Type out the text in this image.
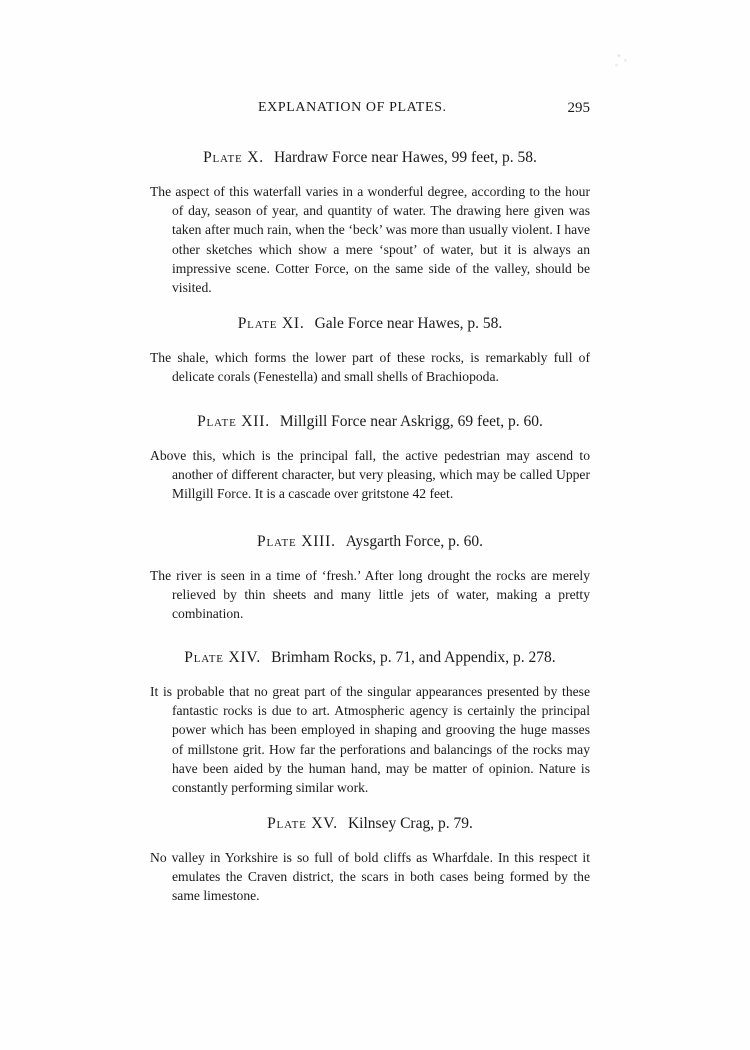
EXPLANATION OF PLATES.	295
Plate X. Hardraw Force near Hawes, 99 feet, p. 58.

The aspect of this waterfall varies in a wonderful degree, according to the hour of day, season of year, and quantity of water. The drawing here given was taken after much rain, when the ‘beck’ was more than usually violent. I have other sketches which show a mere ‘spout’ of water, but it is always an impressive scene. Cotter Force, on the same side of the valley, should be visited.

Plate XI. Gale Force near Hawes, p. 58.

The shale, which forms the lower part of these rocks, is remarkably full of delicate corals (Fenestella) and small shells of Brachiopoda.

Plate XII. Millgill Force near Askrigg, 69 feet, p. 60.

Above this, which is the principal fall, the active pedestrian may ascend to another of different character, but very pleasing, which may be called Upper Millgill Force. It is a cascade over gritstone 42 feet.

Plate XIII. Aysgarth Force, p. 60.

The river is seen in a time of ‘fresh.’ After long drought the rocks are merely relieved by thin sheets and many little jets of water, making a pretty combination.

Plate XIV. Brimham Rocks, p. 71, and Appendix, p. 278.

It is probable that no great part of the singular appearances presented by these fantastic rocks is due to art. Atmospheric agency is certainly the principal power which has been employed in shaping and grooving the huge masses of millstone grit. How far the perforations and balancings of the rocks may have been aided by the human hand, may be matter of opinion. Nature is constantly performing similar work.

Plate XV. Kilnsey Crag, p. 79.

No valley in Yorkshire is so full of bold cliffs as Wharfdale. In this respect it emulates the Craven district, the scars in both cases being formed by the same limestone.
